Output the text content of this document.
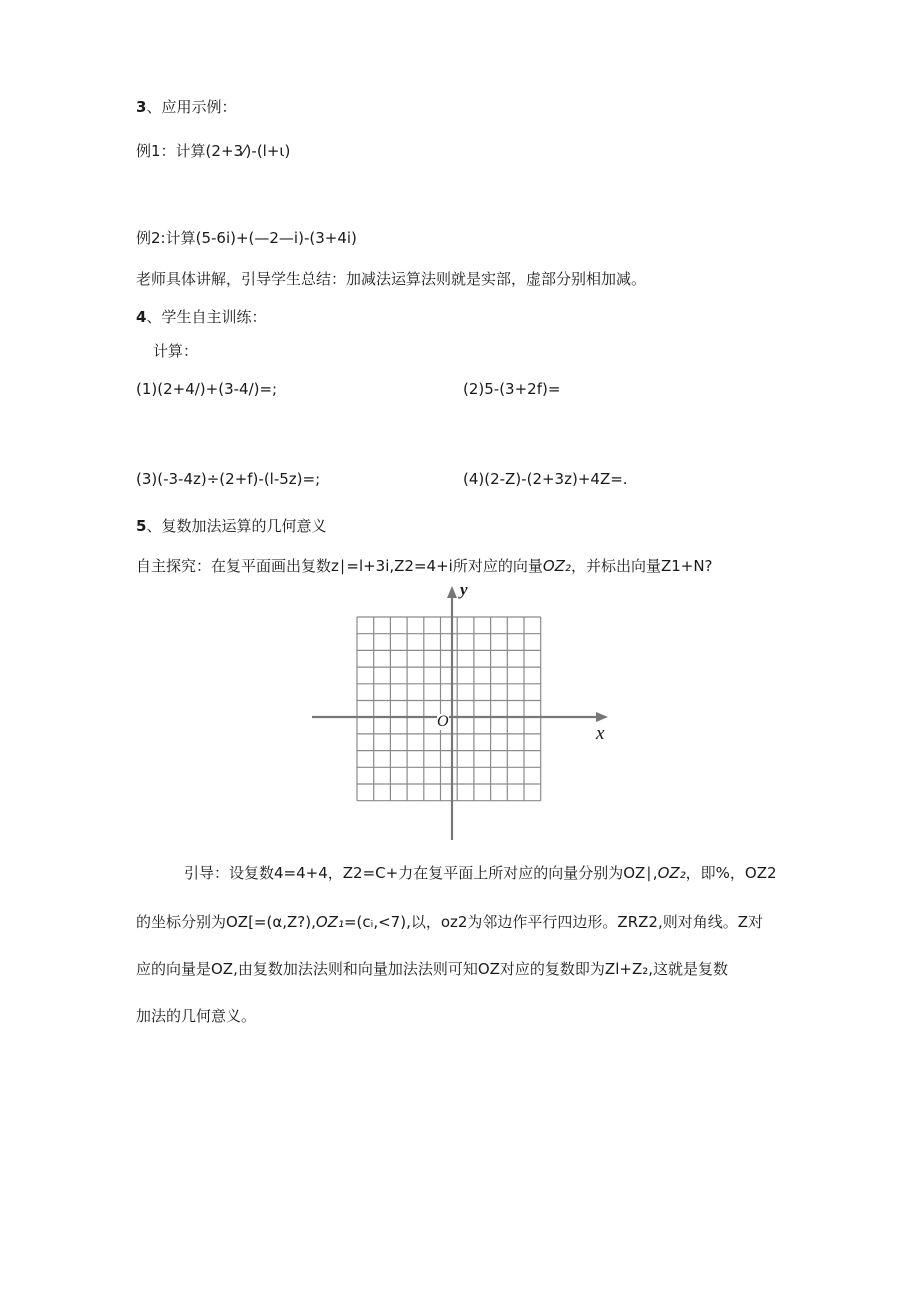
3、应用示例：

例1：计算(2+3⁄)-(l+ι)

例2:计算(5-6i)+(—2—i)-(3+4i)

老师具体讲解，引导学生总结：加减法运算法则就是实部，虚部分别相加减。

4、学生自主训练：

计算：

(1)(2+4/)+(3-4/)=;	(2)5-(3+2f)=

(3)(-3-4z)÷(2+f)-(l-5z)=;	(4)(2-Z)-(2+3z)+4Z=.

5、复数加法运算的几何意义

自主探究：在复平面画出复数z∣=l+3i,Z2=4+i所对应的向量OZ₂，并标出向量Z1+N?

y
x
O

引导：设复数4=4+4，Z2=C+力在复平面上所对应的向量分别为OZ∣,OZ₂，即%，OZ2

的坐标分别为OZ[=(α,Z?),OZ₁=(cᵢ,<7),以，oz2为邻边作平行四边形。ZRZ2,则对角线。Z对

应的向量是OZ,由复数加法法则和向量加法法则可知OZ对应的复数即为Zl+Z₂,这就是复数

加法的几何意义。
